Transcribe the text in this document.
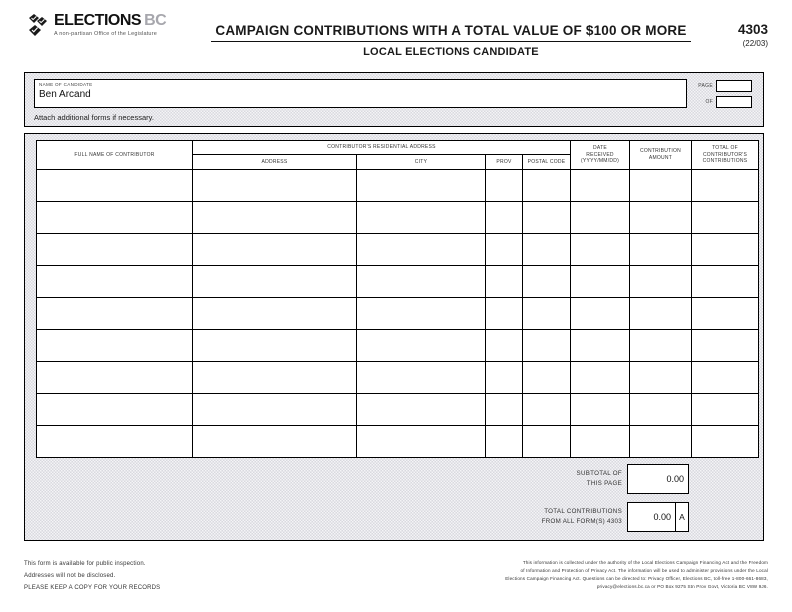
ELECTIONS BC
A non-partisan Office of the Legislature	CAMPAIGN CONTRIBUTIONS WITH A TOTAL VALUE OF $100 OR MORE

LOCAL ELECTIONS CANDIDATE
4303
(22/03)
NAME OF CANDIDATE
Ben Arcand
PAGE
OF
Attach additional forms if necessary.
FULL NAME OF CONTRIBUTOR	CONTRIBUTOR'S RESIDENTIAL ADDRESS				DATE
RECEIVED
(YYYY/MM/DD)	CONTRIBUTION
AMOUNT	TOTAL OF
CONTRIBUTOR'S
CONTRIBUTIONS

	ADDRESS	CITY	PROV	POSTAL CODE			

SUBTOTAL OF
THIS PAGE	0.00
TOTAL CONTRIBUTIONS
FROM ALL FORM(S) 4303	0.00 A
This form is available for public inspection.
Addresses will not be disclosed.
PLEASE KEEP A COPY FOR YOUR RECORDS
This information is collected under the authority of the Local Elections Campaign Financing Act and the Freedom
of Information and Protection of Privacy Act. The information will be used to administer provisions under the Local
Elections Campaign Financing Act. Questions can be directed to: Privacy Officer, Elections BC, toll-free 1-800-661-8683,
privacy@elections.bc.ca or PO Box 9275 Stn Prov Govt, Victoria BC V8W 9J6.
